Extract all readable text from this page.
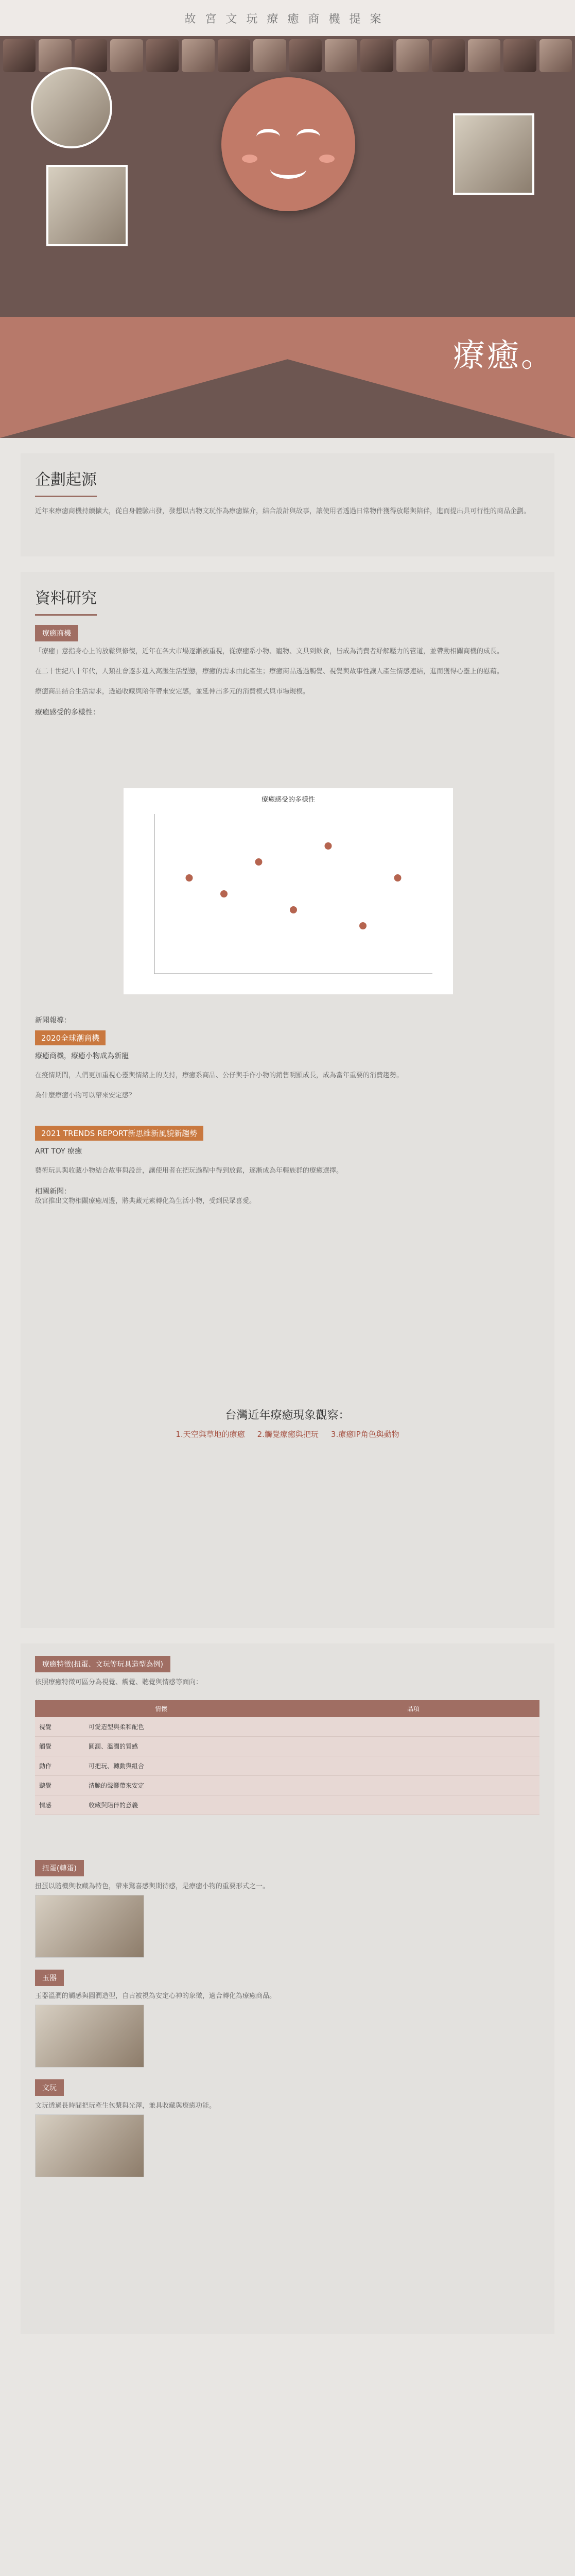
故宮文玩療癒商機提案
療癒。
企劃起源

近年來療癒商機持續擴大，從自身體驗出發，發想以古物文玩作為療癒媒介，結合設計與故事，讓使用者透過日常物件獲得放鬆與陪伴，進而提出具可行性的商品企劃。

資料研究
療癒商機

「療癒」意指身心上的放鬆與修復，近年在各大市場逐漸被重視，從療癒系小物、寵物、文具到飲食，皆成為消費者紓解壓力的管道，並帶動相關商機的成長。

在二十世紀八十年代，人類社會逐步進入高壓生活型態，療癒的需求由此產生；療癒商品透過觸覺、視覺與故事性讓人產生情感連結，進而獲得心靈上的慰藉。

療癒商品結合生活需求，透過收藏與陪伴帶來安定感，並延伸出多元的消費模式與市場規模。

療癒感受的多樣性：

療癒感受的多樣性

新聞報導：

2020全球潮商機

療癒商機，療癒小物成為新寵

在疫情期間，人們更加重視心靈與情緒上的支持，療癒系商品、公仔與手作小物的銷售明顯成長，成為當年重要的消費趨勢。

為什麼療癒小物可以帶來安定感？

2021 TRENDS REPORT新思維新風貌新趨勢

ART TOY 療癒

藝術玩具與收藏小物結合故事與設計，讓使用者在把玩過程中得到放鬆，逐漸成為年輕族群的療癒選擇。

相關新聞：

故宮推出文物相關療癒周邊，將典藏元素轉化為生活小物，受到民眾喜愛。

台灣近年療癒現象觀察：
1.天空與草地的療癒 2.觸覺療癒與把玩 3.療癒IP角色與動物
療癒特徵(扭蛋、文玩等玩具造型為例)

依照療癒特徵可區分為視覺、觸覺、聽覺與情感等面向：

情懷	品項
視覺	可愛造型與柔和配色
觸覺	圓潤、溫潤的質感
動作	可把玩、轉動與組合
聽覺	清脆的聲響帶來安定
情感	收藏與陪伴的意義
扭蛋(轉蛋)

扭蛋以隨機與收藏為特色，帶來驚喜感與期待感，是療癒小物的重要形式之一。

玉器

玉器溫潤的觸感與圓潤造型，自古被視為安定心神的象徵，適合轉化為療癒商品。

文玩

文玩透過長時間把玩產生包漿與光澤，兼具收藏與療癒功能。
